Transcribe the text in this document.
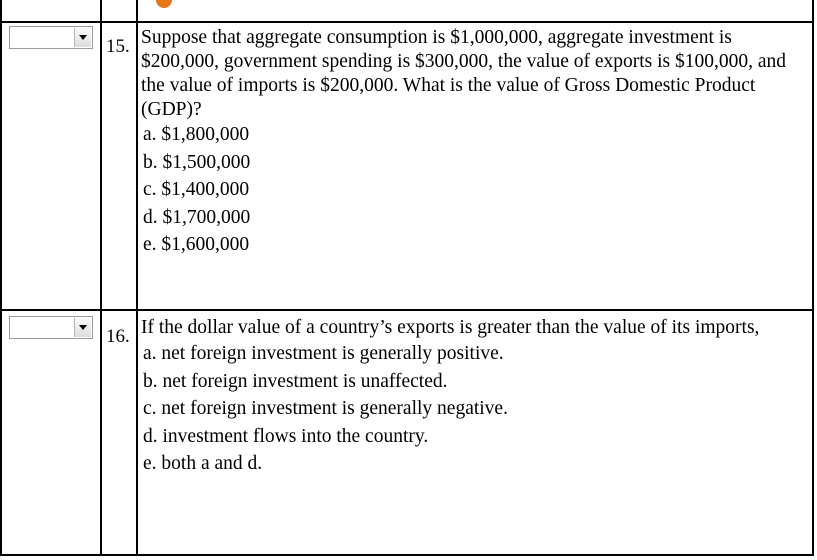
15. Suppose that aggregate consumption is $1,000,000, aggregate investment is $200,000, government spending is $300,000, the value of exports is $100,000, and the value of imports is $200,000. What is the value of Gross Domestic Product (GDP)?
a. $1,800,000
b. $1,500,000
c. $1,400,000
d. $1,700,000
e. $1,600,000
16. If the dollar value of a country’s exports is greater than the value of its imports,
a. net foreign investment is generally positive.
b. net foreign investment is unaffected.
c. net foreign investment is generally negative.
d. investment flows into the country.
e. both a and d.
